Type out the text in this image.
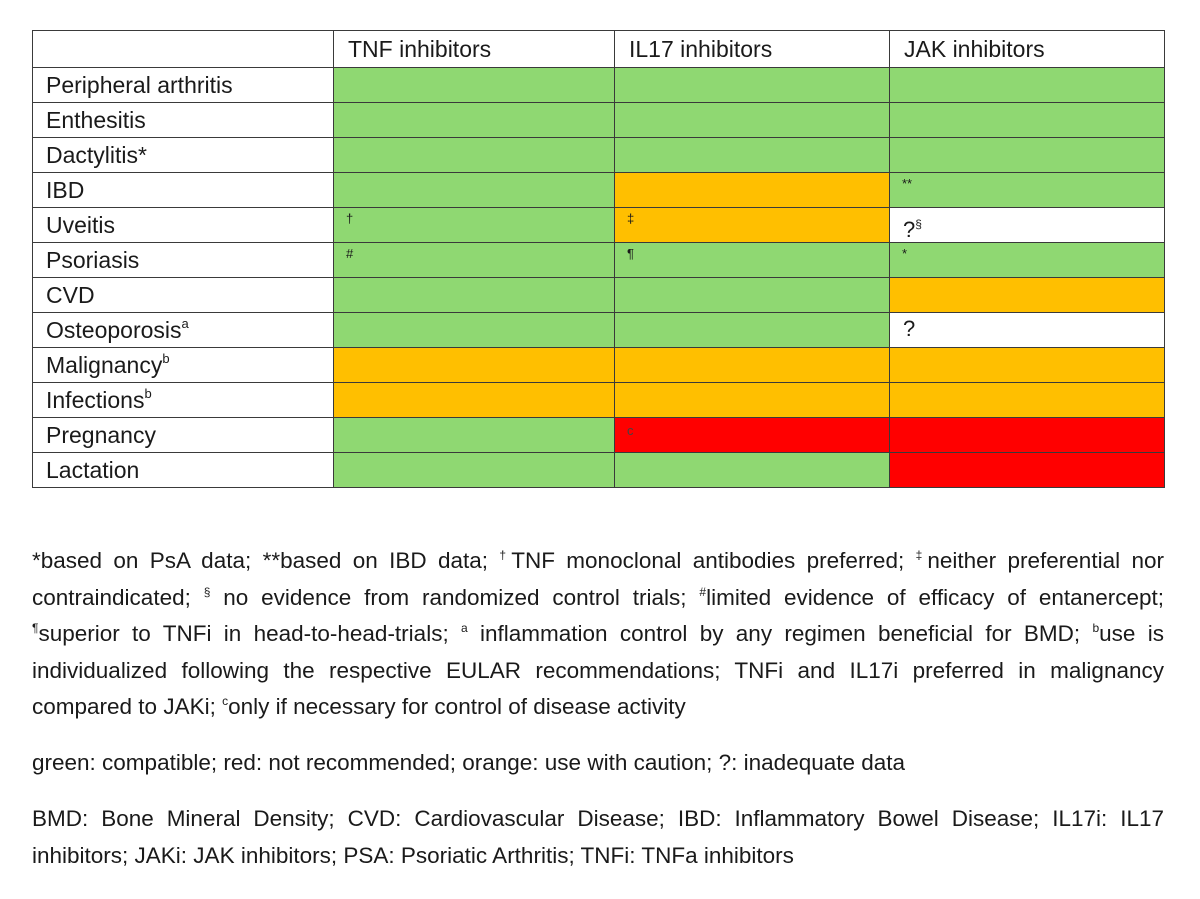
	TNF inhibitors	IL17 inhibitors	JAK inhibitors
Peripheral arthritis			
Enthesitis			
Dactylitis*			
IBD			**

Uveitis	†	‡	?§

Psoriasis	#	¶	*

CVD			
Osteoporosis$^a$			?

Malignancy$^b$			
Infections$^b$			
Pregnancy		c	

Lactation			

*based on PsA data; **based on IBD data; †TNF monoclonal antibodies preferred; ‡neither preferential nor contraindicated; § no evidence from randomized control trials; #limited evidence of efficacy of entanercept; ¶superior to TNFi in head-to-head-trials; $^a$ inflammation control by any regimen beneficial for BMD; $^b$use is individualized following the respective EULAR recommendations; TNFi and IL17i preferred in malignancy compared to JAKi; $^c$only if necessary for control of disease activity

green: compatible; red: not recommended; orange: use with caution; ?: inadequate data

BMD: Bone Mineral Density; CVD: Cardiovascular Disease; IBD: Inflammatory Bowel Disease; IL17i: IL17 inhibitors; JAKi: JAK inhibitors; PSA: Psoriatic Arthritis; TNFi: TNFa inhibitors
